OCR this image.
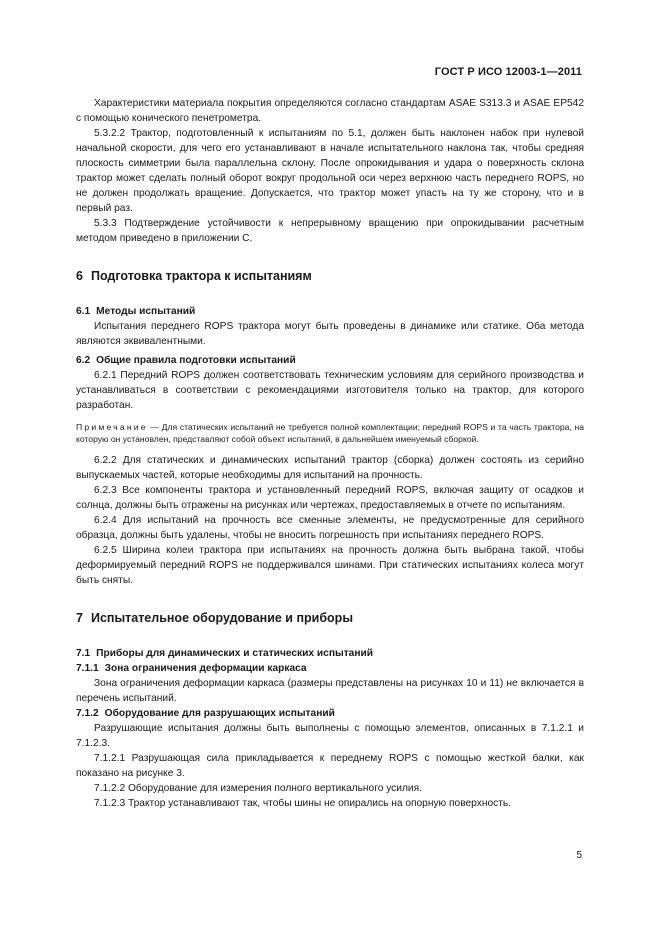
ГОСТ Р ИСО 12003-1—2011

Характеристики материала покрытия определяются согласно стандартам ASAE S313.3 и ASAE EP542 с помощью конического пенетрометра.

5.3.2.2 Трактор, подготовленный к испытаниям по 5.1, должен быть наклонен набок при нулевой начальной скорости, для чего его устанавливают в начале испытательного наклона так, чтобы средняя плоскость симметрии была параллельна склону. После опрокидывания и удара о поверхность склона трактор может сделать полный оборот вокруг продольной оси через верхнюю часть переднего ROPS, но не должен продолжать вращение. Допускается, что трактор может упасть на ту же сторону, что и в первый раз.

5.3.3 Подтверждение устойчивости к непрерывному вращению при опрокидывании расчетным методом приведено в приложении С.

6 Подготовка трактора к испытаниям

6.1 Методы испытаний

Испытания переднего ROPS трактора могут быть проведены в динамике или статике. Оба метода являются эквивалентными.

6.2 Общие правила подготовки испытаний

6.2.1 Передний ROPS должен соответствовать техническим условиям для серийного производства и устанавливаться в соответствии с рекомендациями изготовителя только на трактор, для которого разработан.

Примечание — Для статических испытаний не требуется полной комплектации; передний ROPS и та часть трактора, на которую он установлен, представляют собой объект испытаний, в дальнейшем именуемый сборкой.

6.2.2 Для статических и динамических испытаний трактор (сборка) должен состоять из серийно выпускаемых частей, которые необходимы для испытаний на прочность.

6.2.3 Все компоненты трактора и установленный передний ROPS, включая защиту от осадков и солнца, должны быть отражены на рисунках или чертежах, предоставляемых в отчете по испытаниям.

6.2.4 Для испытаний на прочность все сменные элементы, не предусмотренные для серийного образца, должны быть удалены, чтобы не вносить погрешность при испытаниях переднего ROPS.

6.2.5 Ширина колеи трактора при испытаниях на прочность должна быть выбрана такой, чтобы деформируемый передний ROPS не поддерживался шинами. При статических испытаниях колеса могут быть сняты.

7 Испытательное оборудование и приборы

7.1 Приборы для динамических и статических испытаний

7.1.1 Зона ограничения деформации каркаса

Зона ограничения деформации каркаса (размеры представлены на рисунках 10 и 11) не включается в перечень испытаний.

7.1.2 Оборудование для разрушающих испытаний

Разрушающие испытания должны быть выполнены с помощью элементов, описанных в 7.1.2.1 и 7.1.2.3.

7.1.2.1 Разрушающая сила прикладывается к переднему ROPS с помощью жесткой балки, как показано на рисунке 3.

7.1.2.2 Оборудование для измерения полного вертикального усилия.

7.1.2.3 Трактор устанавливают так, чтобы шины не опирались на опорную поверхность.

5
